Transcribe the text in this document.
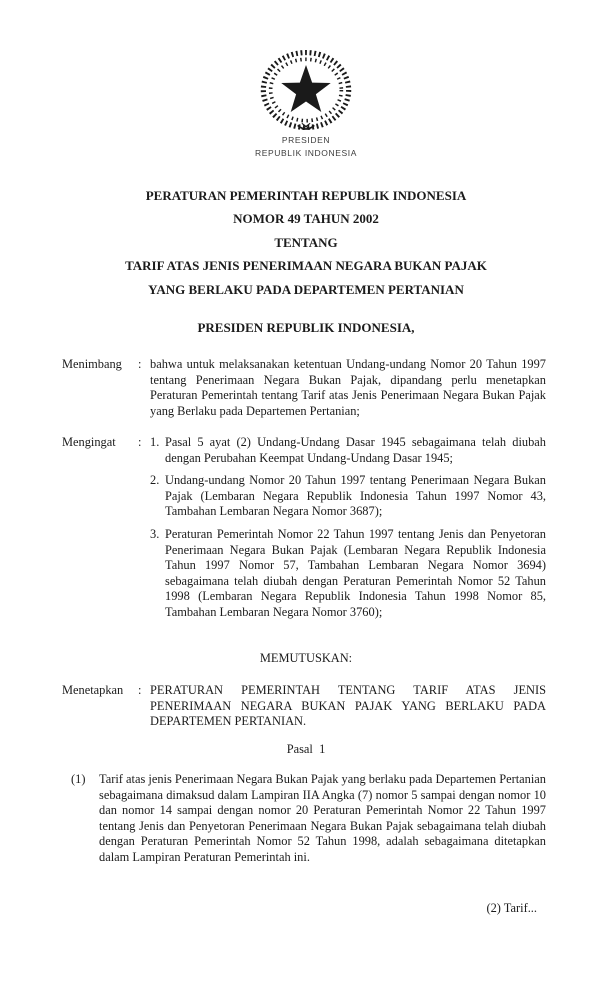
PRESIDEN
REPUBLIK INDONESIA
PERATURAN PEMERINTAH REPUBLIK INDONESIA
NOMOR 49 TAHUN 2002
TENTANG
TARIF ATAS JENIS PENERIMAAN NEGARA BUKAN PAJAK
YANG BERLAKU PADA DEPARTEMEN PERTANIAN
PRESIDEN REPUBLIK INDONESIA,
Menimbang	: bahwa untuk melaksanakan ketentuan Undang-undang Nomor 20 Tahun 1997 tentang Penerimaan Negara Bukan Pajak, dipandang perlu menetapkan Peraturan Pemerintah tentang Tarif atas Jenis Penerimaan Negara Bukan Pajak yang Berlaku pada Departemen Pertanian;
Mengingat	: 1. Pasal 5 ayat (2) Undang-Undang Dasar 1945 sebagaimana telah diubah dengan Perubahan Keempat Undang-Undang Dasar 1945;
2. Undang-undang Nomor 20 Tahun 1997 tentang Penerimaan Negara Bukan Pajak (Lembaran Negara Republik Indonesia Tahun 1997 Nomor 43, Tambahan Lembaran Negara Nomor 3687);
3. Peraturan Pemerintah Nomor 22 Tahun 1997 tentang Jenis dan Penyetoran Penerimaan Negara Bukan Pajak (Lembaran Negara Republik Indonesia Tahun 1997 Nomor 57, Tambahan Lembaran Negara Nomor 3694) sebagaimana telah diubah dengan Peraturan Pemerintah Nomor 52 Tahun 1998 (Lembaran Negara Republik Indonesia Tahun 1998 Nomor 85, Tambahan Lembaran Negara Nomor 3760);
MEMUTUSKAN:
Menetapkan	: PERATURAN PEMERINTAH TENTANG TARIF ATAS JENIS PENERIMAAN NEGARA BUKAN PAJAK YANG BERLAKU PADA DEPARTEMEN PERTANIAN.
Pasal  1
(1)	Tarif atas jenis Penerimaan Negara Bukan Pajak yang berlaku pada Departemen Pertanian sebagaimana dimaksud dalam Lampiran IIA Angka (7) nomor 5 sampai dengan nomor 10 dan nomor 14 sampai dengan nomor 20 Peraturan Pemerintah Nomor 22 Tahun 1997 tentang Jenis dan Penyetoran Penerimaan Negara Bukan Pajak sebagaimana telah diubah dengan Peraturan Pemerintah Nomor 52 Tahun 1998, adalah sebagaimana ditetapkan dalam Lampiran Peraturan Pemerintah ini.
(2) Tarif...
